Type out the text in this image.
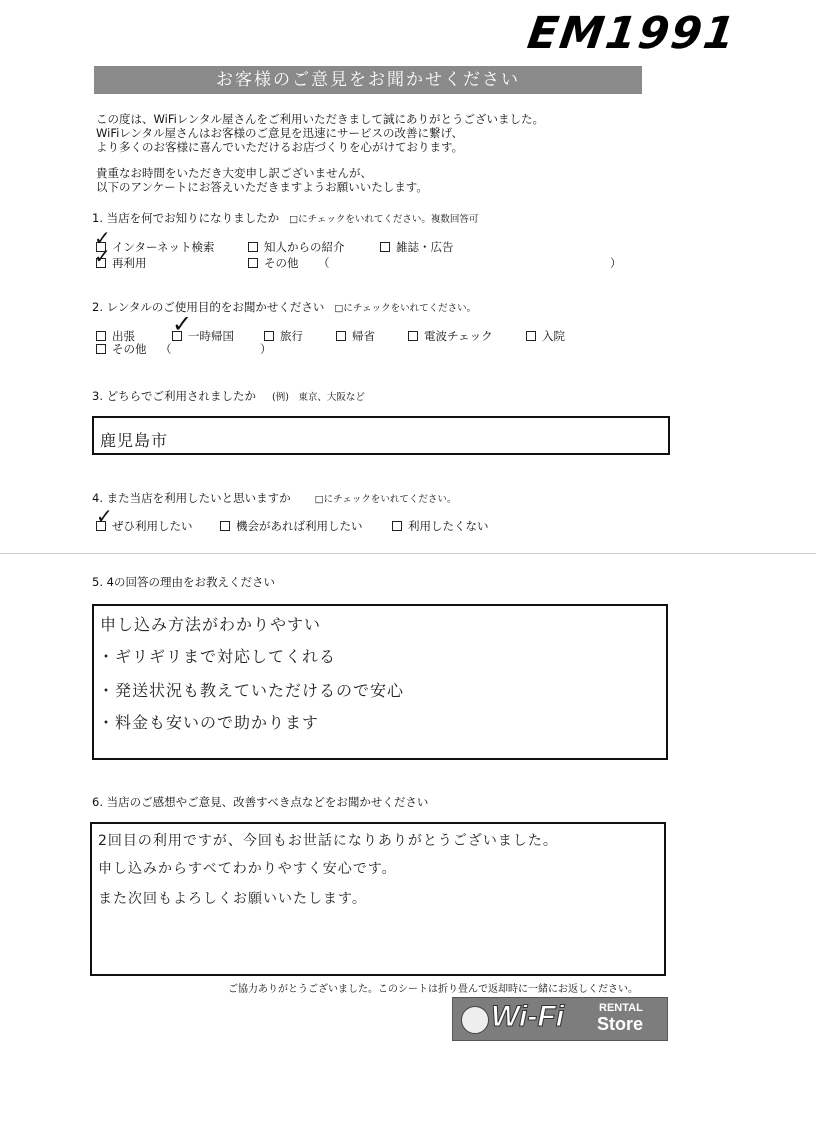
EM1991
お客様のご意見をお聞かせください
この度は、WiFiレンタル屋さんをご利用いただきまして誠にありがとうございました。
WiFiレンタル屋さんはお客様のご意見を迅速にサービスの改善に繋げ、
より多くのお客様に喜んでいただけるお店づくりを心がけております。
貴重なお時間をいただき大変申し訳ございませんが、
以下のアンケートにお答えいただきますようお願いいたします。
1. 当店を何でお知りになりましたか □にチェックをいれてください。複数回答可
インターネット検索
✓	知人からの紹介	雑誌・広告
再利用
✓	その他 （	）
2. レンタルのご使用目的をお聞かせください □にチェックをいれてください。
出張	一時帰国
✓	旅行	帰省	電波チェック	入院
その他 （	）
3. どちらでご利用されましたか (例)　東京、大阪など
鹿児島市
4. また当店を利用したいと思いますか	□にチェックをいれてください。
ぜひ利用したい
✓	機会があれば利用したい	利用したくない
5. 4の回答の理由をお教えください
申し込み方法がわかりやすい
・ギリギリまで対応してくれる
・発送状況も教えていただけるので安心
・料金も安いので助かります
6. 当店のご感想やご意見、改善すべき点などをお聞かせください
2回目の利用ですが、今回もお世話になりありがとうございました。
申し込みからすべてわかりやすく安心です。
また次回もよろしくお願いいたします。
ご協力ありがとうございました。このシートは折り畳んで返却時に一緒にお返しください。
Wi-Fi	RENTAL
Store
